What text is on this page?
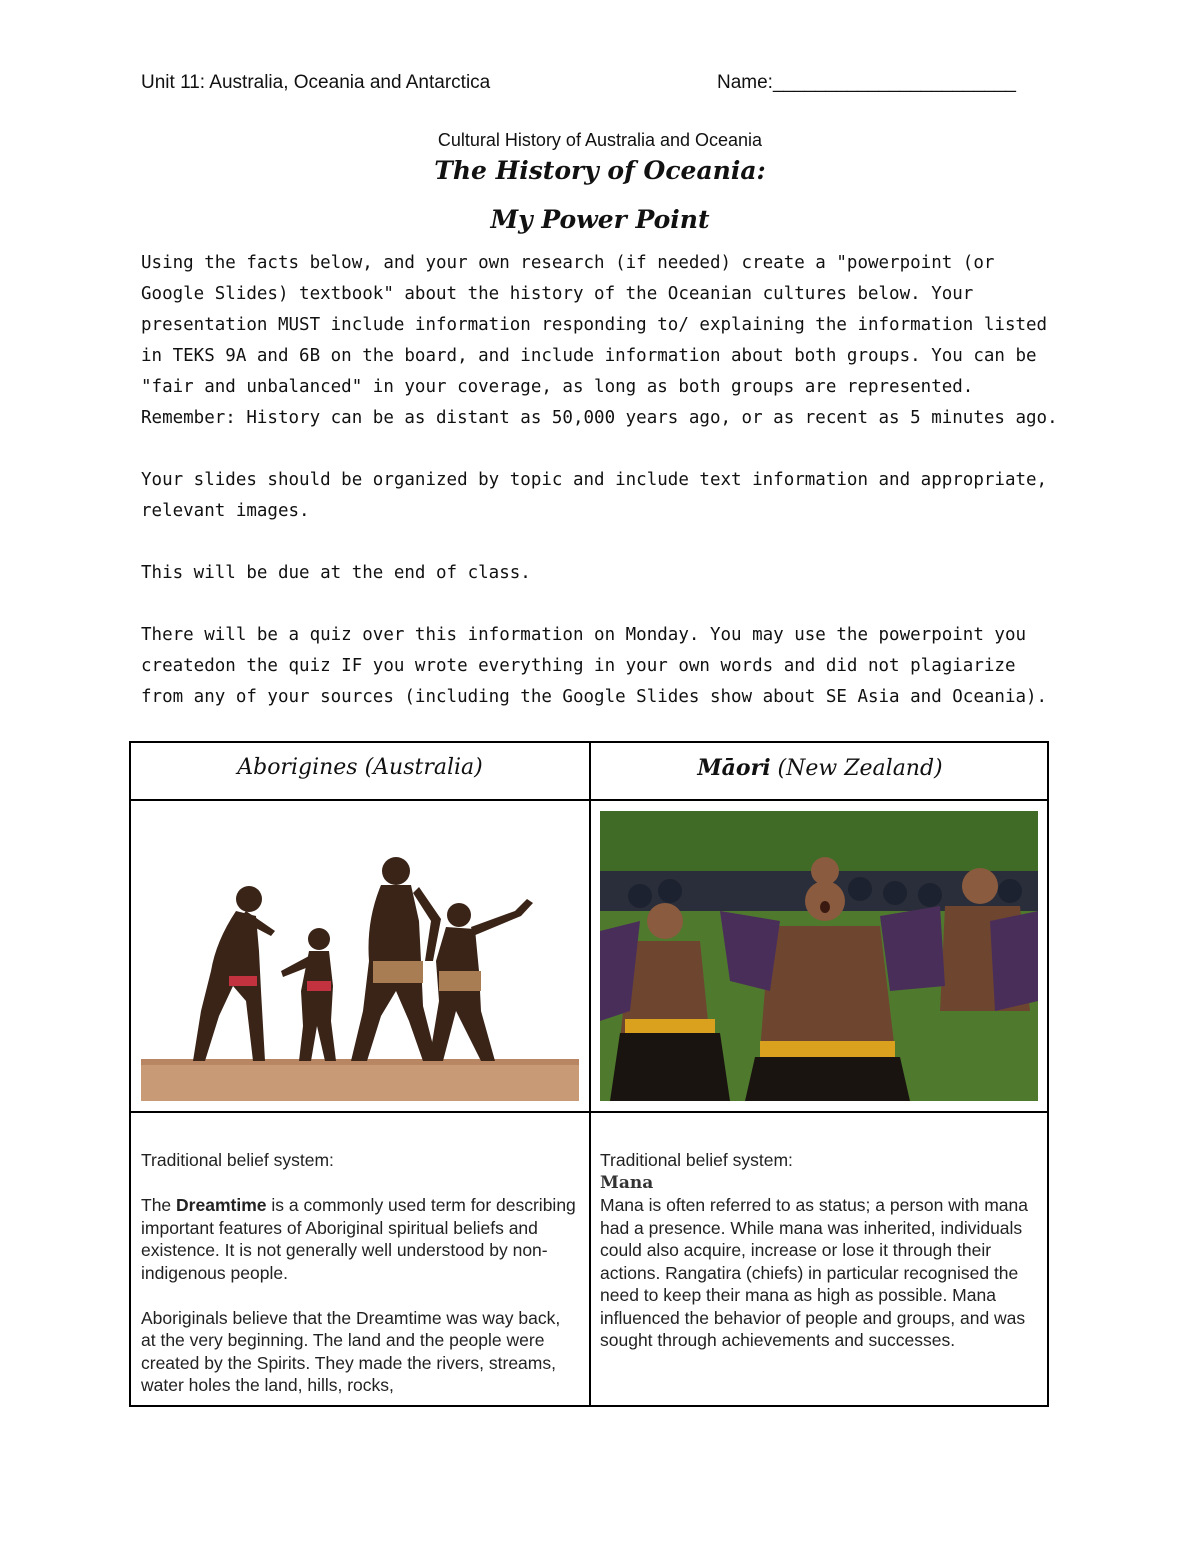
Unit 11: Australia, Oceania and Antarctica	Name:_______________________
Cultural History of Australia and Oceania
The History of Oceania:
My Power Point

Using the facts below, and your own research (if needed) create a "powerpoint (or Google Slides) textbook" about the history of the Oceanian cultures below. Your presentation MUST include information responding to/ explaining the information listed in TEKS 9A and 6B on the board, and include information about both groups. You can be "fair and unbalanced" in your coverage, as long as both groups are represented. Remember: History can be as distant as 50,000 years ago, or as recent as 5 minutes ago.

Your slides should be organized by topic and include text information and appropriate, relevant images.

This will be due at the end of class.

There will be a quiz over this information on Monday. You may use the powerpoint you createdon the quiz IF you wrote everything in your own words and did not plagiarize from any of your sources (including the Google Slides show about SE Asia and Oceania).

Aborigines (Australia)	Māori (New Zealand)

Traditional belief system:

The Dreamtime is a commonly used term for describing important features of Aboriginal spiritual beliefs and existence. It is not generally well understood by non-indigenous people.

Aboriginals believe that the Dreamtime was way back, at the very beginning. The land and the people were created by the Spirits. They made the rivers, streams, water holes the land, hills, rocks,

Traditional belief system:
Mana
Mana is often referred to as status; a person with mana had a presence. While mana was inherited, individuals could also acquire, increase or lose it through their actions. Rangatira (chiefs) in particular recognised the need to keep their mana as high as possible. Mana influenced the behavior of people and groups, and was sought through achievements and successes.
